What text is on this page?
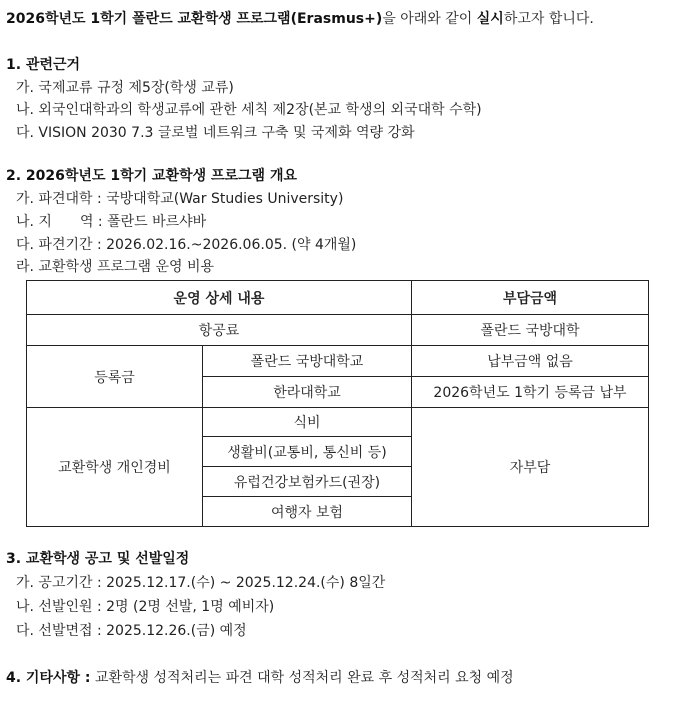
2026학년도 1학기 폴란드 교환학생 프로그램(Erasmus+)을 아래와 같이 실시하고자 합니다.
1. 관련근거
가. 국제교류 규정 제5장(학생 교류)
나. 외국인대학과의 학생교류에 관한 세칙 제2장(본교 학생의 외국대학 수학)
다. VISION 2030 7.3 글로벌 네트워크 구축 및 국제화 역량 강화
2. 2026학년도 1학기 교환학생 프로그램 개요
가. 파견대학 : 국방대학교(War Studies University)
나. 지　　역 : 폴란드 바르샤바
다. 파견기간 : 2026.02.16.~2026.06.05. (약 4개월)
라. 교환학생 프로그램 운영 비용
운영 상세 내용		부담금액
항공료		폴란드 국방대학
등록금	폴란드 국방대학교	납부금액 없음
	한라대학교	2026학년도 1학기 등록금 납부
교환학생 개인경비	식비	자부담
	생활비(교통비, 통신비 등)	
	유럽건강보험카드(권장)	
	여행자 보험	
3. 교환학생 공고 및 선발일정
가. 공고기간 : 2025.12.17.(수) ~ 2025.12.24.(수) 8일간
나. 선발인원 : 2명 (2명 선발, 1명 예비자)
다. 선발면접 : 2025.12.26.(금) 예정
4. 기타사항 : 교환학생 성적처리는 파견 대학 성적처리 완료 후 성적처리 요청 예정
